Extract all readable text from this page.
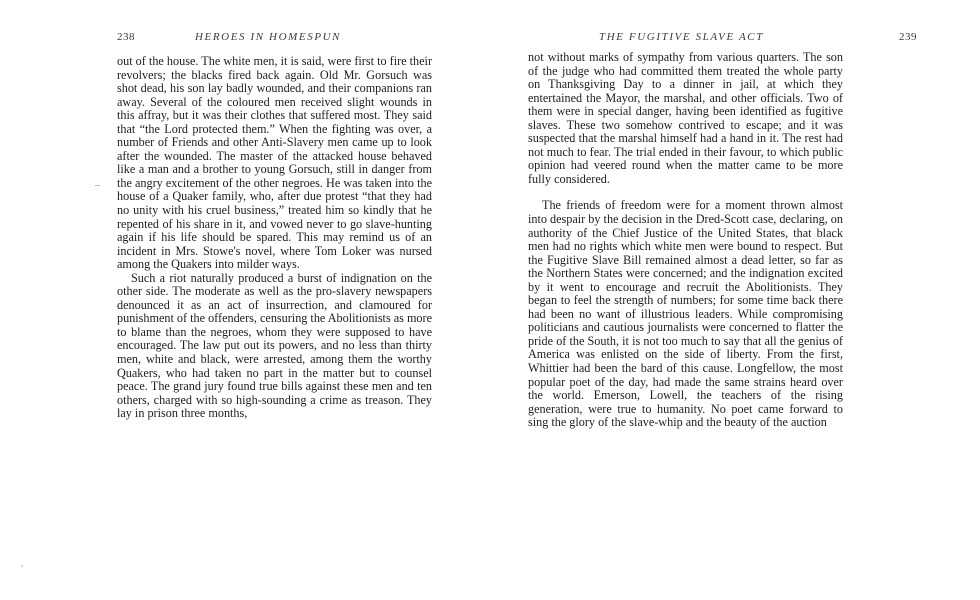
238	HEROES IN HOMESPUN

out of the house. The white men, it is said, were first to fire their revolvers; the blacks fired back again. Old Mr. Gorsuch was shot dead, his son lay badly wounded, and their companions ran away. Several of the coloured men received slight wounds in this affray, but it was their clothes that suffered most. They said that “the Lord protected them.” When the fighting was over, a number of Friends and other Anti-Slavery men came up to look after the wounded. The master of the attacked house behaved like a man and a brother to young Gorsuch, still in danger from the angry excitement of the other negroes. He was taken into the house of a Quaker family, who, after due protest “that they had no unity with his cruel business,” treated him so kindly that he repented of his share in it, and vowed never to go slave-hunting again if his life should be spared. This may remind us of an incident in Mrs. Stowe's novel, where Tom Loker was nursed among the Quakers into milder ways.

Such a riot naturally produced a burst of indignation on the other side. The moderate as well as the pro-slavery newspapers denounced it as an act of insurrection, and clamoured for punishment of the offenders, censuring the Abolitionists as more to blame than the negroes, whom they were supposed to have encouraged. The law put out its powers, and no less than thirty men, white and black, were arrested, among them the worthy Quakers, who had taken no part in the matter but to counsel peace. The grand jury found true bills against these men and ten others, charged with so high-sounding a crime as treason. They lay in prison three months,

THE FUGITIVE SLAVE ACT	239

not without marks of sympathy from various quarters. The son of the judge who had committed them treated the whole party on Thanksgiving Day to a dinner in jail, at which they entertained the Mayor, the marshal, and other officials. Two of them were in special danger, having been identified as fugitive slaves. These two somehow contrived to escape; and it was suspected that the marshal himself had a hand in it. The rest had not much to fear. The trial ended in their favour, to which public opinion had veered round when the matter came to be more fully considered.

The friends of freedom were for a moment thrown almost into despair by the decision in the Dred-Scott case, declaring, on authority of the Chief Justice of the United States, that black men had no rights which white men were bound to respect. But the Fugitive Slave Bill remained almost a dead letter, so far as the Northern States were concerned; and the indignation excited by it went to encourage and recruit the Abolitionists. They began to feel the strength of numbers; for some time back there had been no want of illustrious leaders. While compromising politicians and cautious journalists were concerned to flatter the pride of the South, it is not too much to say that all the genius of America was enlisted on the side of liberty. From the first, Whittier had been the bard of this cause. Longfellow, the most popular poet of the day, had made the same strains heard over the world. Emerson, Lowell, the teachers of the rising generation, were true to humanity. No poet came forward to sing the glory of the slave-whip and the beauty of the auction
